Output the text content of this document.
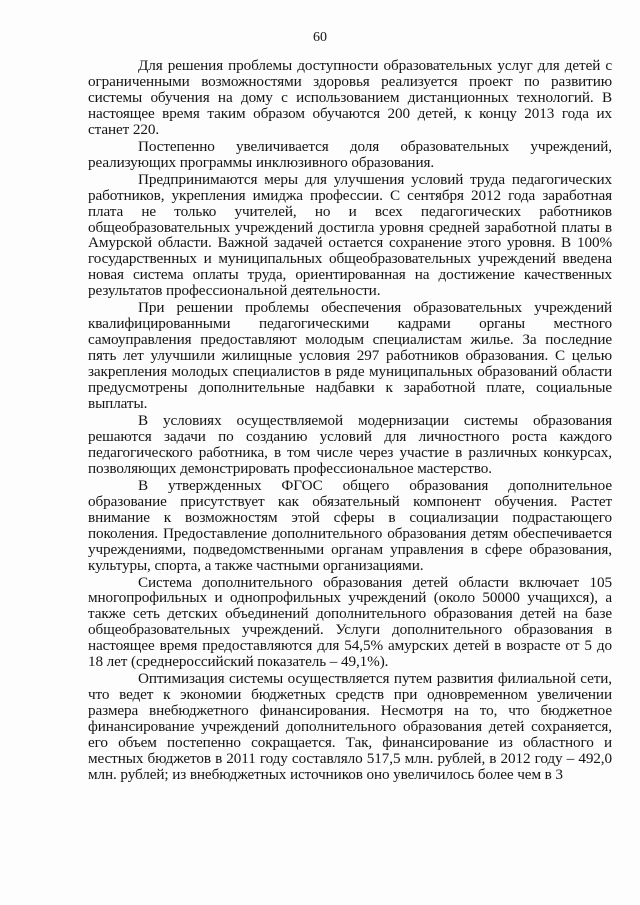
60

Для решения проблемы доступности образовательных услуг для детей с ограниченными возможностями здоровья реализуется проект по развитию системы обучения на дому с использованием дистанционных технологий. В настоящее время таким образом обучаются 200 детей, к концу 2013 года их станет 220.

Постепенно увеличивается доля образовательных учреждений, реализующих программы инклюзивного образования.

Предпринимаются меры для улучшения условий труда педагогических работников, укрепления имиджа профессии. С сентября 2012 года заработная плата не только учителей, но и всех педагогических работников общеобразовательных учреждений достигла уровня средней заработной платы в Амурской области. Важной задачей остается сохранение этого уровня. В 100% государственных и муниципальных общеобразовательных учреждений введена новая система оплаты труда, ориентированная на достижение качественных результатов профессиональной деятельности.

При решении проблемы обеспечения образовательных учреждений квалифицированными педагогическими кадрами органы местного самоуправления предоставляют молодым специалистам жилье. За последние пять лет улучшили жилищные условия 297 работников образования. С целью закрепления молодых специалистов в ряде муниципальных образований области предусмотрены дополнительные надбавки к заработной плате, социальные выплаты.

В условиях осуществляемой модернизации системы образования решаются задачи по созданию условий для личностного роста каждого педагогического работника, в том числе через участие в различных конкурсах, позволяющих демонстрировать профессиональное мастерство.

В утвержденных ФГОС общего образования дополнительное образование присутствует как обязательный компонент обучения. Растет внимание к возможностям этой сферы в социализации подрастающего поколения. Предоставление дополнительного образования детям обеспечивается учреждениями, подведомственными органам управления в сфере образования, культуры, спорта, а также частными организациями.

Система дополнительного образования детей области включает 105 многопрофильных и однопрофильных учреждений (около 50000 учащихся), а также сеть детских объединений дополнительного образования детей на базе общеобразовательных учреждений. Услуги дополнительного образования в настоящее время предоставляются для 54,5% амурских детей в возрасте от 5 до 18 лет (среднероссийский показатель – 49,1%).

Оптимизация системы осуществляется путем развития филиальной сети, что ведет к экономии бюджетных средств при одновременном увеличении размера внебюджетного финансирования. Несмотря на то, что бюджетное финансирование учреждений дополнительного образования детей сохраняется, его объем постепенно сокращается. Так, финансирование из областного и местных бюджетов в 2011 году составляло 517,5 млн. рублей, в 2012 году – 492,0 млн. рублей; из внебюджетных источников оно увеличилось более чем в 3
